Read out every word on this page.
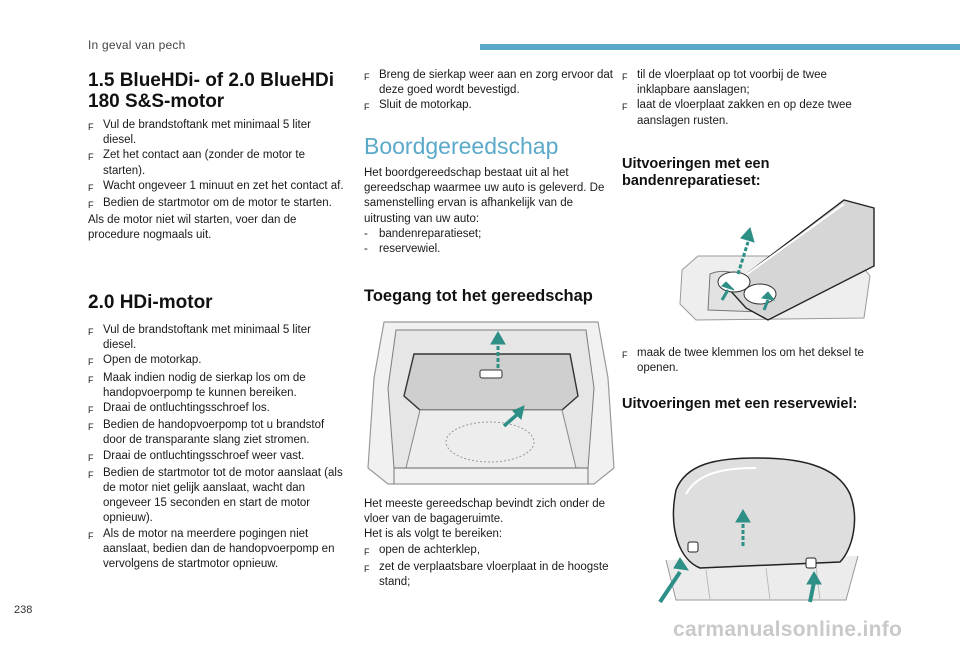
In geval van pech
1.5 BlueHDi- of 2.0 BlueHDi 180 S&S-motor
F Vul de brandstoftank met minimaal 5 liter diesel.
F Zet het contact aan (zonder de motor te starten).
F Wacht ongeveer 1 minuut en zet het contact af.
F Bedien de startmotor om de motor te starten.

Als de motor niet wil starten, voer dan de procedure nogmaals uit.

2.0 HDi-motor
F Vul de brandstoftank met minimaal 5 liter diesel.
F Open de motorkap.
F Maak indien nodig de sierkap los om de handopvoerpomp te kunnen bereiken.
F Draai de ontluchtingsschroef los.
F Bedien de handopvoerpomp tot u brandstof door de transparante slang ziet stromen.
F Draai de ontluchtingsschroef weer vast.
F Bedien de startmotor tot de motor aanslaat (als de motor niet gelijk aanslaat, wacht dan ongeveer 15 seconden en start de motor opnieuw).
F Als de motor na meerdere pogingen niet aanslaat, bedien dan de handopvoerpomp en vervolgens de startmotor opnieuw.
F Breng de sierkap weer aan en zorg ervoor dat deze goed wordt bevestigd.
F Sluit de motorkap.
Boordgereedschap

Het boordgereedschap bestaat uit al het gereedschap waarmee uw auto is geleverd. De samenstelling ervan is afhankelijk van de uitrusting van uw auto:

- bandenreparatieset;
- reservewiel.
Toegang tot het gereedschap

Het meeste gereedschap bevindt zich onder de vloer van de bagageruimte.
Het is als volgt te bereiken:

F open de achterklep,
F zet de verplaatsbare vloerplaat in de hoogste stand;
F til de vloerplaat op tot voorbij de twee inklapbare aanslagen;
F laat de vloerplaat zakken en op deze twee aanslagen rusten.
Uitvoeringen met een bandenreparatieset:
F maak de twee klemmen los om het deksel te openen.
Uitvoeringen met een reservewiel:
238
carmanualsonline.info
